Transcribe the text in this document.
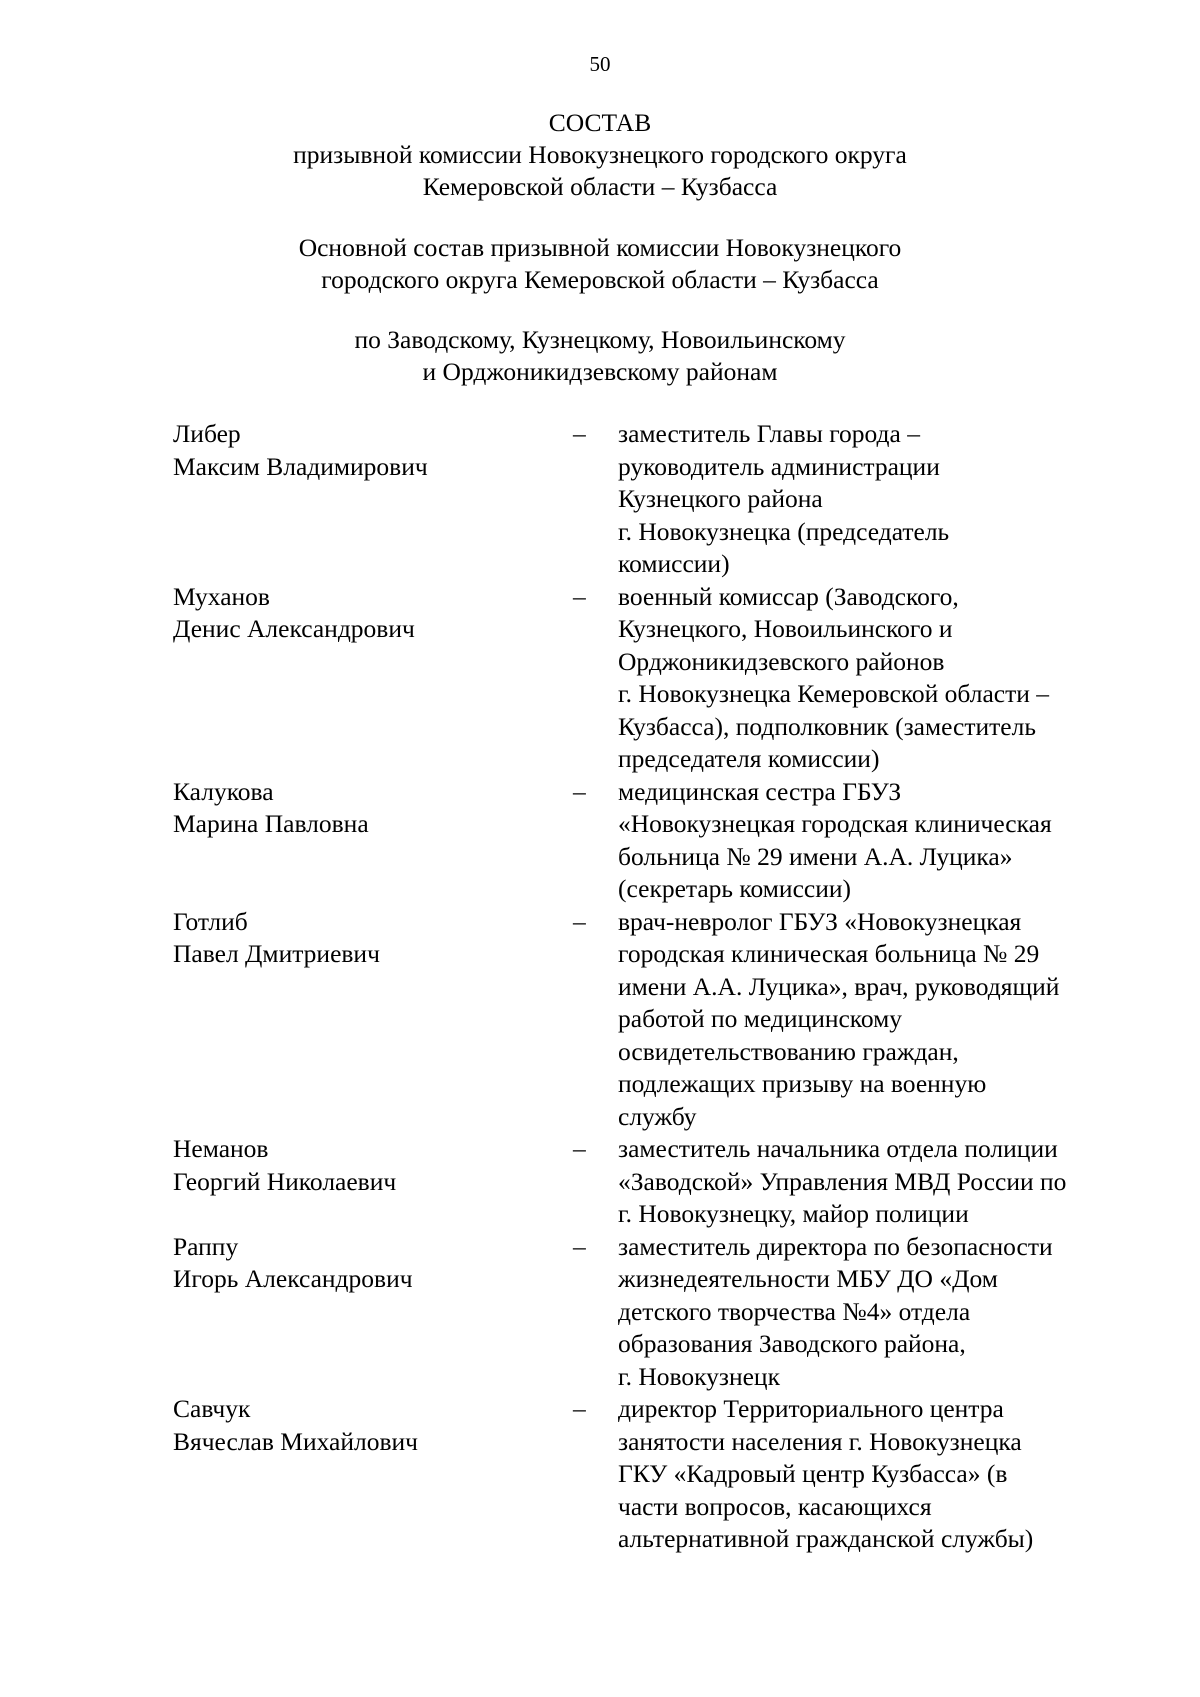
50
СОСТАВ
призывной комиссии Новокузнецкого городского округа
Кемеровской области – Кузбасса
Основной состав призывной комиссии Новокузнецкого
городского округа Кемеровской области – Кузбасса
по Заводскому, Кузнецкому, Новоильинскому
и Орджоникидзевскому районам
Либер
Максим Владимирович
– заместитель Главы города –
руководитель администрации
Кузнецкого района
г. Новокузнецка (председатель
комиссии)
Муханов
Денис Александрович
– военный комиссар (Заводского,
Кузнецкого, Новоильинского и
Орджоникидзевского районов
г. Новокузнецка Кемеровской области –
Кузбасса), подполковник (заместитель
председателя комиссии)
Калукова
Марина Павловна
– медицинская сестра ГБУЗ
«Новокузнецкая городская клиническая
больница № 29 имени А.А. Луцика»
(секретарь комиссии)
Готлиб
Павел Дмитриевич
– врач-невролог ГБУЗ «Новокузнецкая
городская клиническая больница № 29
имени А.А. Луцика», врач, руководящий
работой по медицинскому
освидетельствованию граждан,
подлежащих призыву на военную
службу
Неманов
Георгий Николаевич
– заместитель начальника отдела полиции
«Заводской» Управления МВД России по
г. Новокузнецку, майор полиции
Раппу
Игорь Александрович
– заместитель директора по безопасности
жизнедеятельности МБУ ДО «Дом
детского творчества №4» отдела
образования Заводского района,
г. Новокузнецк
Савчук
Вячеслав Михайлович
– директор Территориального центра
занятости населения г. Новокузнецка
ГКУ «Кадровый центр Кузбасса» (в
части вопросов, касающихся
альтернативной гражданской службы)
